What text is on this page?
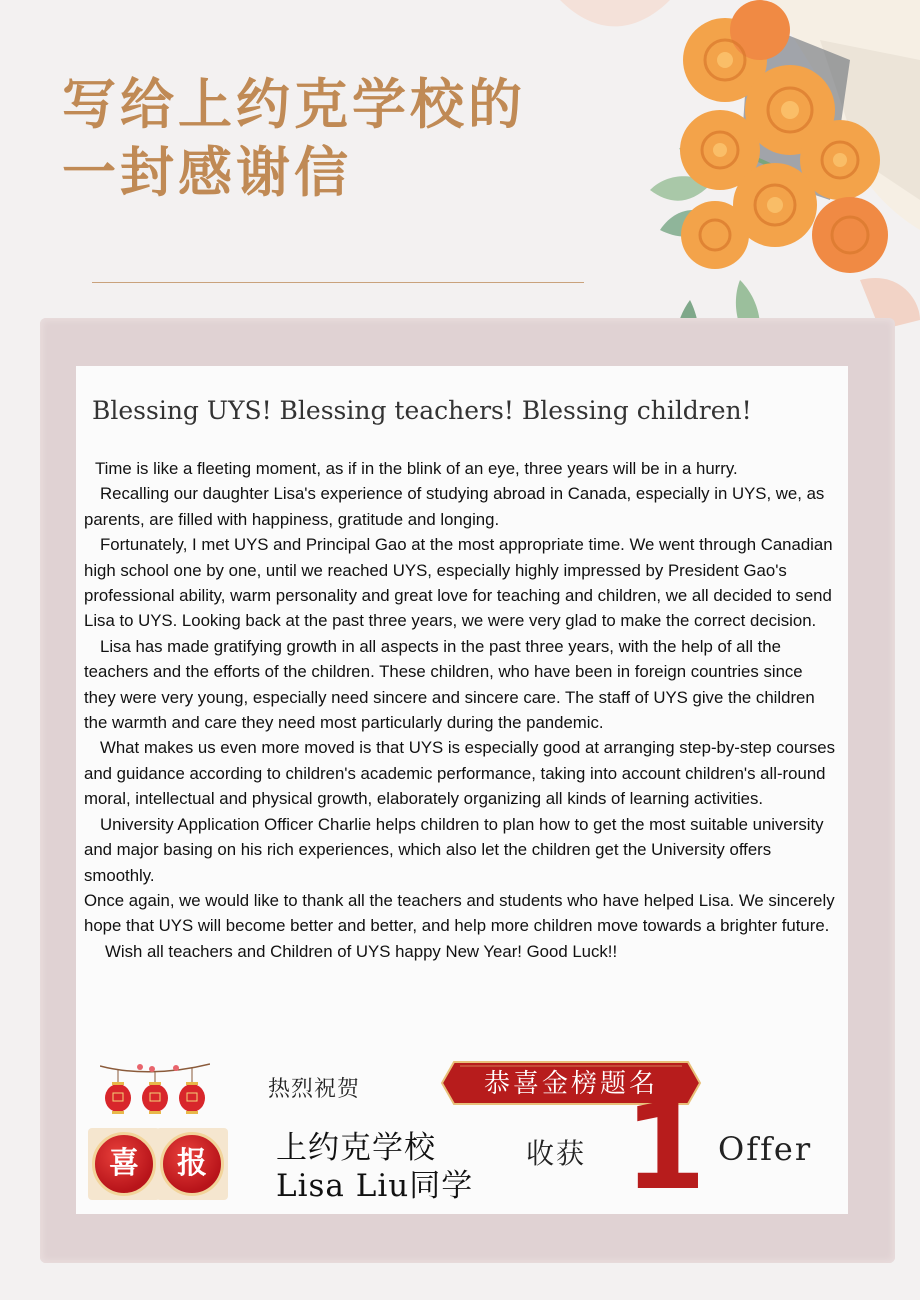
写给上约克学校的
一封感谢信
Blessing UYS! Blessing teachers! Blessing children!

Time is like a fleeting moment, as if in the blink of an eye, three years will be in a hurry.

Recalling our daughter Lisa's experience of studying abroad in Canada, especially in UYS, we, as parents, are filled with happiness, gratitude and longing.

Fortunately, I met UYS and Principal Gao at the most appropriate time. We went through Canadian high school one by one, until we reached UYS, especially highly impressed by President Gao's professional ability, warm personality and great love for teaching and children, we all decided to send Lisa to UYS. Looking back at the past three years, we were very glad to make the correct decision.

Lisa has made gratifying growth in all aspects in the past three years, with the help of all the teachers and the efforts of the children. These children, who have been in foreign countries since they were very young, especially need sincere and sincere care. The staff of UYS give the children the warmth and care they need most particularly during the pandemic.

What makes us even more moved is that UYS is especially good at arranging step-by-step courses and guidance according to children's academic performance, taking into account children's all-round moral, intellectual and physical growth, elaborately organizing all kinds of learning activities.

University Application Officer Charlie helps children to plan how to get the most suitable university and major basing on his rich experiences, which also let the children get the University offers smoothly.

Once again, we would like to thank all the teachers and students who have helped Lisa. We sincerely hope that UYS will become better and better, and help more children move towards a brighter future.

Wish all teachers and Children of UYS happy New Year! Good Luck!!

热烈祝贺	恭喜金榜题名
喜	报	上约克学校
Lisa Liu同学
收获 1 Offer
